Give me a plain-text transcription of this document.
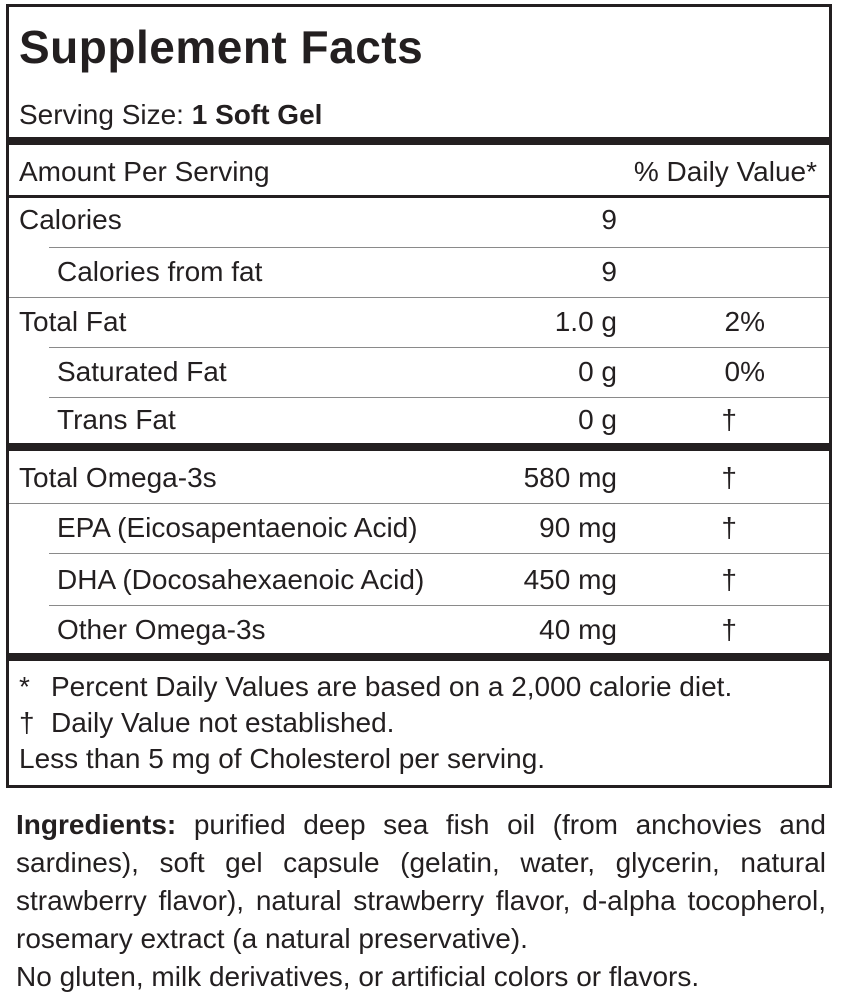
Supplement Facts
Serving Size: 1 Soft Gel
Amount Per Serving	% Daily Value*
Calories	9
Calories from fat	9
Total Fat	1.0 g	2%
Saturated Fat	0 g	0%
Trans Fat	0 g	†
Total Omega-3s	580 mg	†
EPA (Eicosapentaenoic Acid)	90 mg	†
DHA (Docosahexaenoic Acid)	450 mg	†
Other Omega-3s	40 mg	†
* Percent Daily Values are based on a 2,000 calorie diet.
† Daily Value not established.
Less than 5 mg of Cholesterol per serving.
Ingredients: purified deep sea fish oil (from anchovies and sardines), soft gel capsule (gelatin, water, glycerin, natural strawberry flavor), natural strawberry flavor, d-alpha tocopherol, rosemary extract (a natural preservative).
No gluten, milk derivatives, or artificial colors or flavors.
